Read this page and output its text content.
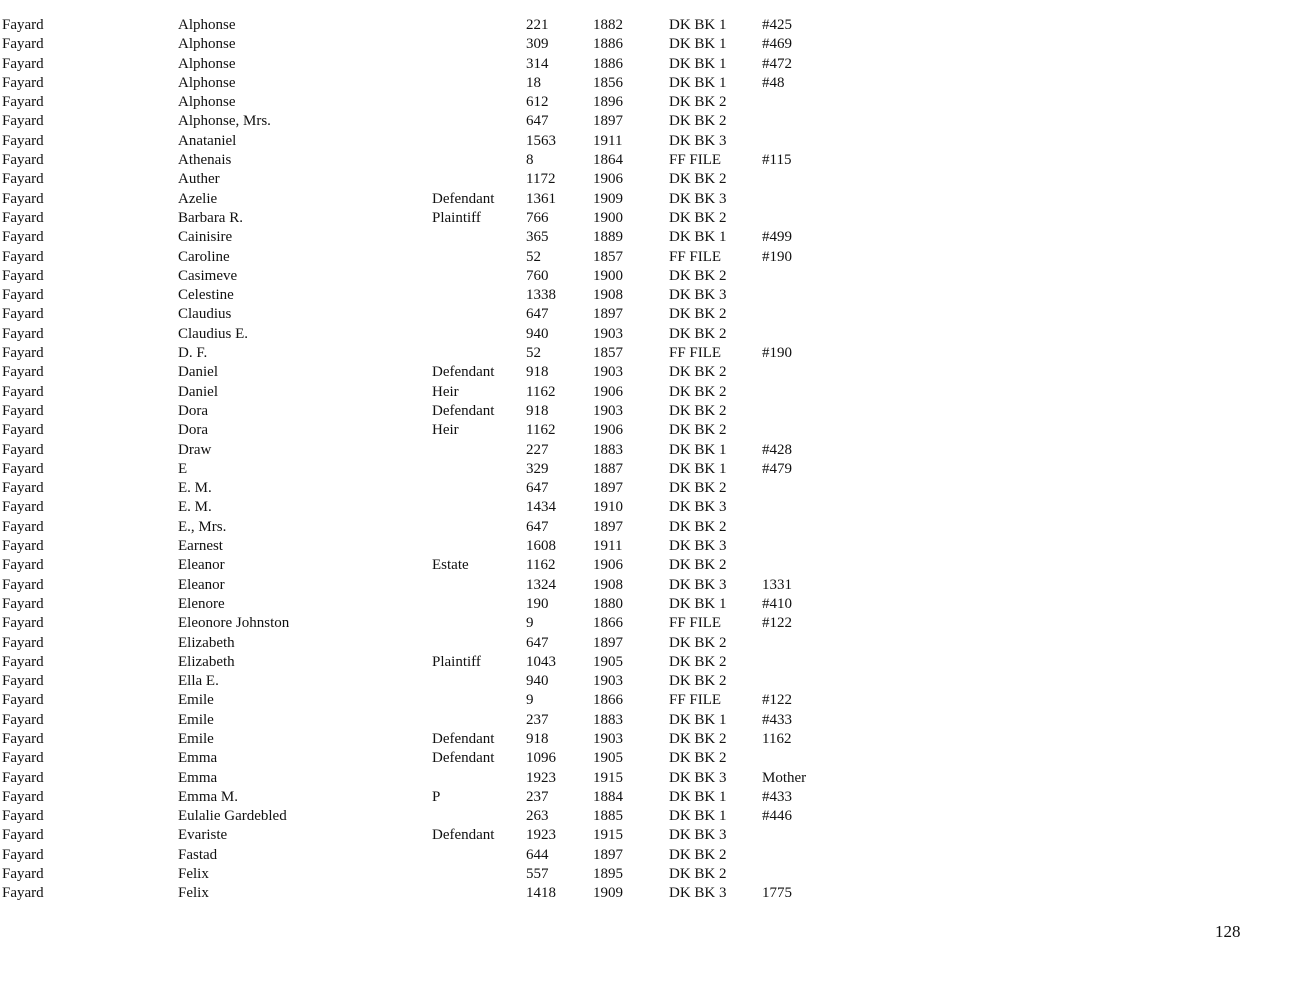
Fayard	Alphonse	221	1882	DK BK 1 #425
Fayard	Alphonse	309	1886	DK BK 1 #469
Fayard	Alphonse	314	1886	DK BK 1 #472
Fayard	Alphonse	18	1856	DK BK 1 #48
Fayard	Alphonse	612	1896	DK BK 2
Fayard	Alphonse, Mrs.	647	1897	DK BK 2
Fayard	Anataniel	1563 1911	DK BK 3
Fayard	Athenais	8	1864	FF FILE	#115
Fayard	Auther	1172	1906	DK BK 2
Fayard	Azelie	Defendant 1361 1909	DK BK 3
Fayard	Barbara R.	Plaintiff	766	1900	DK BK 2
Fayard	Cainisire	365	1889	DK BK 1 #499
Fayard	Caroline	52	1857	FF FILE	#190
Fayard	Casimeve	760	1900	DK BK 2
Fayard	Celestine	1338 1908	DK BK 3
Fayard	Claudius	647	1897	DK BK 2
Fayard	Claudius E.	940	1903	DK BK 2
Fayard	D. F.	52	1857	FF FILE	#190
Fayard	Daniel	Defendant 918	1903	DK BK 2
Fayard	Daniel	Heir	1162	1906	DK BK 2
Fayard	Dora	Defendant 918	1903	DK BK 2
Fayard	Dora	Heir	1162	1906	DK BK 2
Fayard	Draw	227	1883	DK BK 1 #428
Fayard	E	329	1887	DK BK 1 #479
Fayard	E. M.	647	1897	DK BK 2
Fayard	E. M.	1434 1910	DK BK 3
Fayard	E., Mrs.	647	1897	DK BK 2
Fayard	Earnest	1608 1911	DK BK 3
Fayard	Eleanor	Estate	1162	1906	DK BK 2
Fayard	Eleanor	1324 1908	DK BK 3 1331
Fayard	Elenore	190	1880	DK BK 1 #410
Fayard	Eleonore Johnston	9	1866	FF FILE	#122
Fayard	Elizabeth	647	1897	DK BK 2
Fayard	Elizabeth	Plaintiff	1043 1905	DK BK 2
Fayard	Ella E.	940	1903	DK BK 2
Fayard	Emile	9	1866	FF FILE	#122
Fayard	Emile	237	1883	DK BK 1 #433
Fayard	Emile	Defendant 918	1903	DK BK 2 1162
Fayard	Emma	Defendant 1096 1905	DK BK 2
Fayard	Emma	1923 1915	DK BK 3 Mother
Fayard	Emma M.	P	237	1884	DK BK 1 #433
Fayard	Eulalie Gardebled	263	1885	DK BK 1 #446
Fayard	Evariste	Defendant 1923 1915	DK BK 3
Fayard	Fastad	644	1897	DK BK 2
Fayard	Felix	557	1895	DK BK 2
Fayard	Felix	1418 1909	DK BK 3 1775
128
